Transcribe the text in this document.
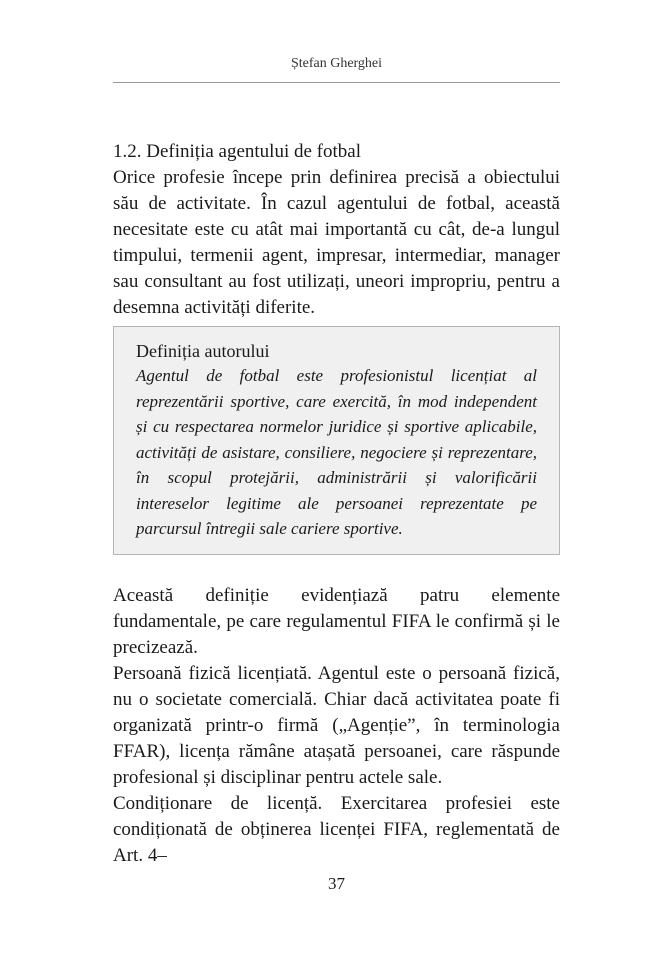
Ștefan Gherghei
1.2. Definiția agentului de fotbal

Orice profesie începe prin definirea precisă a obiectului său de activitate. În cazul agentului de fotbal, această necesitate este cu atât mai importantă cu cât, de-a lungul timpului, termenii agent, impresar, intermediar, manager sau consultant au fost utilizați, uneori impropriu, pentru a desemna activități diferite.

Definiția autorului

Agentul de fotbal este profesionistul licențiat al reprezentării sportive, care exercită, în mod independent și cu respectarea normelor juridice și sportive aplicabile, activități de asistare, consiliere, negociere și reprezentare, în scopul protejării, administrării și valorificării intereselor legitime ale persoanei reprezentate pe parcursul întregii sale cariere sportive.

Această definiție evidențiază patru elemente fundamentale, pe care regulamentul FIFA le confirmă și le precizează.

Persoană fizică licențiată. Agentul este o persoană fizică, nu o societate comercială. Chiar dacă activitatea poate fi organizată printr-o firmă („Agenție”, în terminologia FFAR), licența rămâne atașată persoanei, care răspunde profesional și disciplinar pentru actele sale.

Condiționare de licență. Exercitarea profesiei este condiționată de obținerea licenței FIFA, reglementată de Art. 4–

37
